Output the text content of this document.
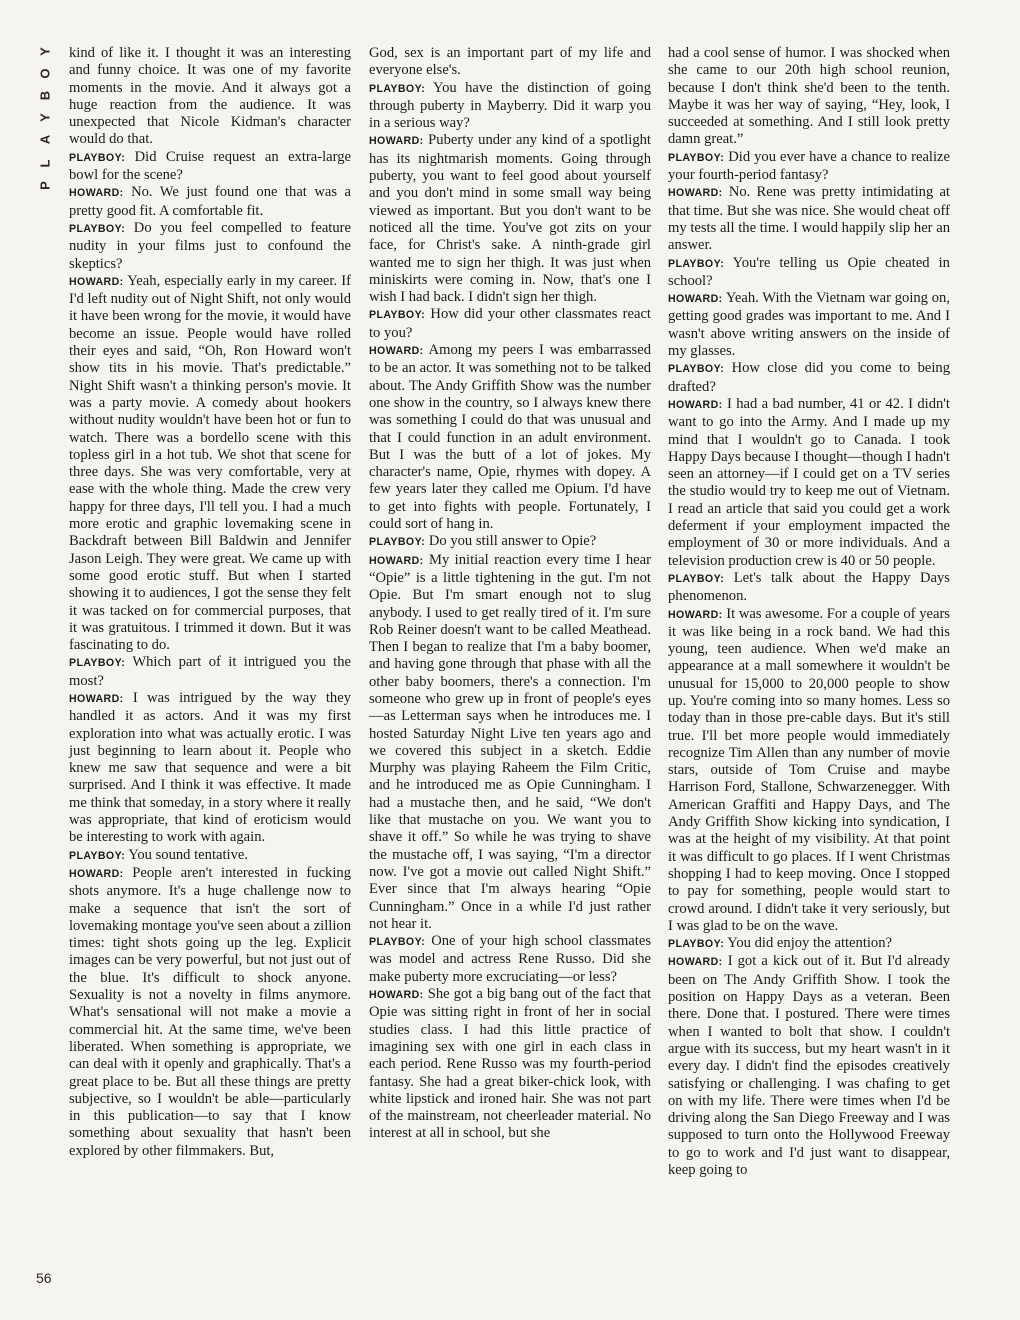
Y
O
B
Y
A
L
P
56

kind of like it. I thought it was an interesting and funny choice. It was one of my favorite moments in the movie. And it always got a huge reaction from the audience. It was unexpected that Nicole Kidman's character would do that.

PLAYBOY: Did Cruise request an extra-large bowl for the scene?

HOWARD: No. We just found one that was a pretty good fit. A comfortable fit.

PLAYBOY: Do you feel compelled to feature nudity in your films just to confound the skeptics?

HOWARD: Yeah, especially early in my career. If I'd left nudity out of Night Shift, not only would it have been wrong for the movie, it would have become an issue. People would have rolled their eyes and said, “Oh, Ron Howard won't show tits in his movie. That's predictable.” Night Shift wasn't a thinking person's movie. It was a party movie. A comedy about hookers without nudity wouldn't have been hot or fun to watch. There was a bordello scene with this topless girl in a hot tub. We shot that scene for three days. She was very comfortable, very at ease with the whole thing. Made the crew very happy for three days, I'll tell you. I had a much more erotic and graphic lovemaking scene in Backdraft between Bill Baldwin and Jennifer Jason Leigh. They were great. We came up with some good erotic stuff. But when I started showing it to audiences, I got the sense they felt it was tacked on for commercial purposes, that it was gratuitous. I trimmed it down. But it was fascinating to do.

PLAYBOY: Which part of it intrigued you the most?

HOWARD: I was intrigued by the way they handled it as actors. And it was my first exploration into what was actually erotic. I was just beginning to learn about it. People who knew me saw that sequence and were a bit surprised. And I think it was effective. It made me think that someday, in a story where it really was appropriate, that kind of eroticism would be interesting to work with again.

PLAYBOY: You sound tentative.

HOWARD: People aren't interested in fucking shots anymore. It's a huge challenge now to make a sequence that isn't the sort of lovemaking montage you've seen about a zillion times: tight shots going up the leg. Explicit images can be very powerful, but not just out of the blue. It's difficult to shock anyone. Sexuality is not a novelty in films anymore. What's sensational will not make a movie a commercial hit. At the same time, we've been liberated. When something is appropriate, we can deal with it openly and graphically. That's a great place to be. But all these things are pretty subjective, so I wouldn't be able—particularly in this publication—to say that I know something about sexuality that hasn't been explored by other filmmakers. But,

God, sex is an important part of my life and everyone else's.

PLAYBOY: You have the distinction of going through puberty in Mayberry. Did it warp you in a serious way?

HOWARD: Puberty under any kind of a spotlight has its nightmarish moments. Going through puberty, you want to feel good about yourself and you don't mind in some small way being viewed as important. But you don't want to be noticed all the time. You've got zits on your face, for Christ's sake. A ninth-grade girl wanted me to sign her thigh. It was just when miniskirts were coming in. Now, that's one I wish I had back. I didn't sign her thigh.

PLAYBOY: How did your other classmates react to you?

HOWARD: Among my peers I was embarrassed to be an actor. It was something not to be talked about. The Andy Griffith Show was the number one show in the country, so I always knew there was something I could do that was unusual and that I could function in an adult environment. But I was the butt of a lot of jokes. My character's name, Opie, rhymes with dopey. A few years later they called me Opium. I'd have to get into fights with people. Fortunately, I could sort of hang in.

PLAYBOY: Do you still answer to Opie?

HOWARD: My initial reaction every time I hear “Opie” is a little tightening in the gut. I'm not Opie. But I'm smart enough not to slug anybody. I used to get really tired of it. I'm sure Rob Reiner doesn't want to be called Meathead. Then I began to realize that I'm a baby boomer, and having gone through that phase with all the other baby boomers, there's a connection. I'm someone who grew up in front of people's eyes—as Letterman says when he introduces me. I hosted Saturday Night Live ten years ago and we covered this subject in a sketch. Eddie Murphy was playing Raheem the Film Critic, and he introduced me as Opie Cunningham. I had a mustache then, and he said, “We don't like that mustache on you. We want you to shave it off.” So while he was trying to shave the mustache off, I was saying, “I'm a director now. I've got a movie out called Night Shift.” Ever since that I'm always hearing “Opie Cunningham.” Once in a while I'd just rather not hear it.

PLAYBOY: One of your high school classmates was model and actress Rene Russo. Did she make puberty more excruciating—or less?

HOWARD: She got a big bang out of the fact that Opie was sitting right in front of her in social studies class. I had this little practice of imagining sex with one girl in each class in each period. Rene Russo was my fourth-period fantasy. She had a great biker-chick look, with white lipstick and ironed hair. She was not part of the mainstream, not cheerleader material. No interest at all in school, but she

had a cool sense of humor. I was shocked when she came to our 20th high school reunion, because I don't think she'd been to the tenth. Maybe it was her way of saying, “Hey, look, I succeeded at something. And I still look pretty damn great.”

PLAYBOY: Did you ever have a chance to realize your fourth-period fantasy?

HOWARD: No. Rene was pretty intimidating at that time. But she was nice. She would cheat off my tests all the time. I would happily slip her an answer.

PLAYBOY: You're telling us Opie cheated in school?

HOWARD: Yeah. With the Vietnam war going on, getting good grades was important to me. And I wasn't above writing answers on the inside of my glasses.

PLAYBOY: How close did you come to being drafted?

HOWARD: I had a bad number, 41 or 42. I didn't want to go into the Army. And I made up my mind that I wouldn't go to Canada. I took Happy Days because I thought—though I hadn't seen an attorney—if I could get on a TV series the studio would try to keep me out of Vietnam. I read an article that said you could get a work deferment if your employment impacted the employment of 30 or more individuals. And a television production crew is 40 or 50 people.

PLAYBOY: Let's talk about the Happy Days phenomenon.

HOWARD: It was awesome. For a couple of years it was like being in a rock band. We had this young, teen audience. When we'd make an appearance at a mall somewhere it wouldn't be unusual for 15,000 to 20,000 people to show up. You're coming into so many homes. Less so today than in those pre-cable days. But it's still true. I'll bet more people would immediately recognize Tim Allen than any number of movie stars, outside of Tom Cruise and maybe Harrison Ford, Stallone, Schwarzenegger. With American Graffiti and Happy Days, and The Andy Griffith Show kicking into syndication, I was at the height of my visibility. At that point it was difficult to go places. If I went Christmas shopping I had to keep moving. Once I stopped to pay for something, people would start to crowd around. I didn't take it very seriously, but I was glad to be on the wave.

PLAYBOY: You did enjoy the attention?

HOWARD: I got a kick out of it. But I'd already been on The Andy Griffith Show. I took the position on Happy Days as a veteran. Been there. Done that. I postured. There were times when I wanted to bolt that show. I couldn't argue with its success, but my heart wasn't in it every day. I didn't find the episodes creatively satisfying or challenging. I was chafing to get on with my life. There were times when I'd be driving along the San Diego Freeway and I was supposed to turn onto the Hollywood Freeway to go to work and I'd just want to disappear, keep going to
